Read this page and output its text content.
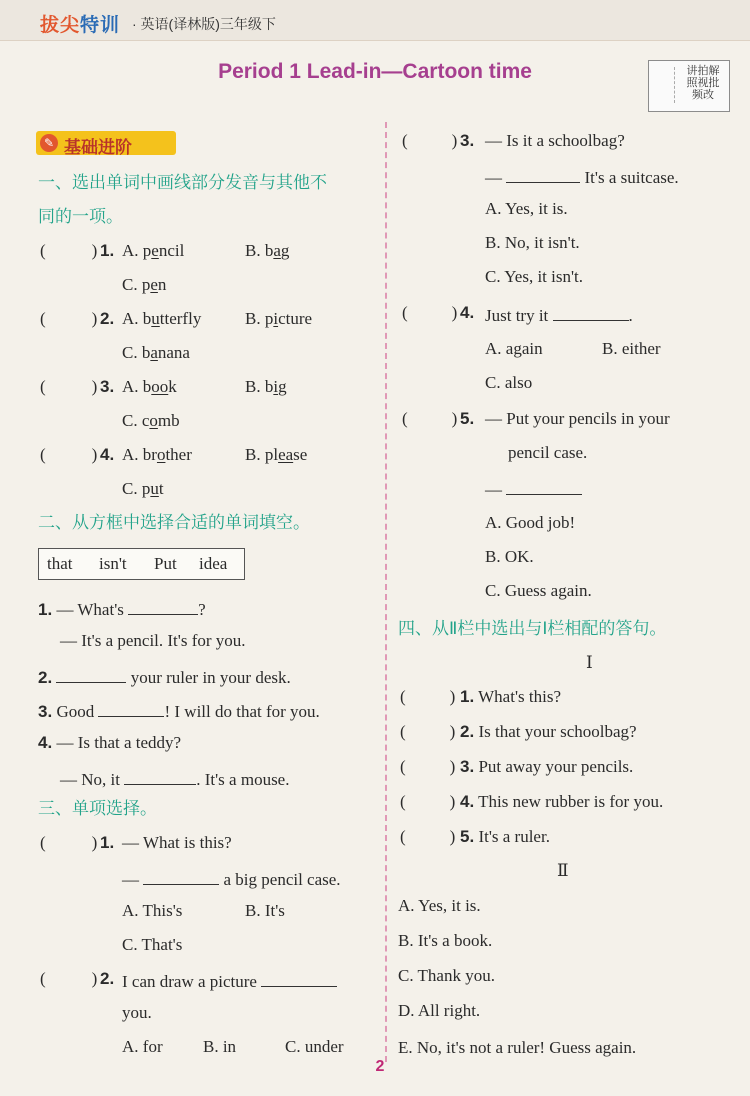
拔尖特训 · 英语(译林版)三年级下
Period 1 Lead-in—Cartoon time	讲拍解照视批频改
✎ 基础进阶
一、选出单词中画线部分发音与其他不
同的一项。
(	) 1. A. pencil	B. bag
C. pen
(	) 2. A. butterfly	B. picture
C. banana
(	) 3. A. book	B. big
C. comb
(	) 4. A. brother	B. please
C. put
二、从方框中选择合适的单词填空。
that isn't Put idea
1. — What's	?
— It's a pencil. It's for you.
2.	your ruler in your desk.
3. Good	! I will do that for you.
4. — Is that a teddy?
— No, it	. It's a mouse.
三、单项选择。
(	) 1. — What is this?
—	a big pencil case.
A. This's	B. It's
C. That's
(	) 2. I can draw a picture
you.
A. for B. in	C. under
(	) 3. — Is it a schoolbag?
—	It's a suitcase.
A. Yes, it is.
B. No, it isn't.
C. Yes, it isn't.
(	) 4. Just try it	.
A. again	B. either
C. also
(	) 5. — Put your pencils in your
pencil case.
—
A. Good job!
B. OK.
C. Guess again.
四、从Ⅱ栏中选出与Ⅰ栏相配的答句。
Ⅰ
(	) 1. What's this?
(	) 2. Is that your schoolbag?
(	) 3. Put away your pencils.
(	) 4. This new rubber is for you.
(	) 5. It's a ruler.
Ⅱ
A. Yes, it is.
B. It's a book.
C. Thank you.
D. All right.
E. No, it's not a ruler! Guess again.
2
